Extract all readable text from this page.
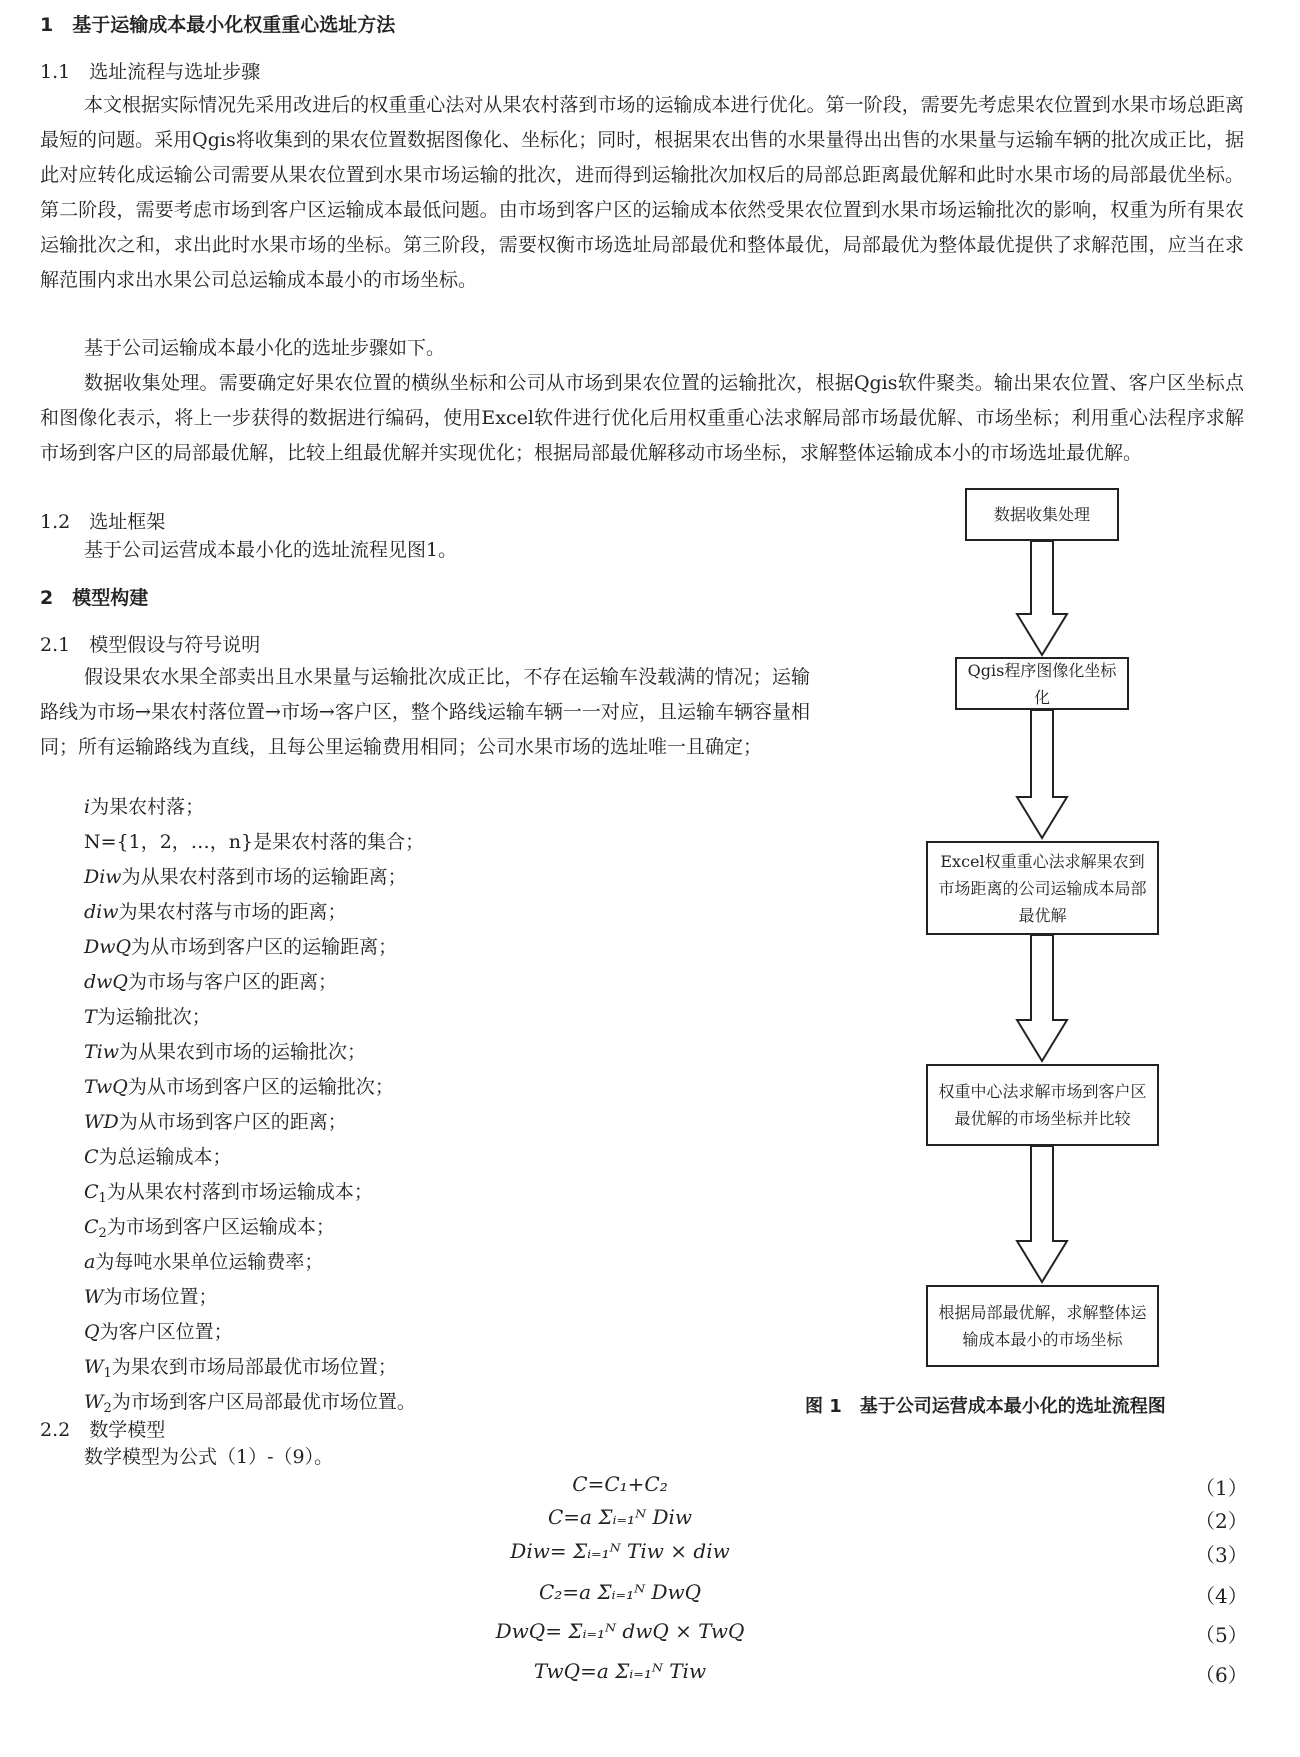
1　基于运输成本最小化权重重心选址方法
1.1　选址流程与选址步骤

本文根据实际情况先采用改进后的权重重心法对从果农村落到市场的运输成本进行优化。第一阶段，需要先考虑果农位置到水果市场总距离最短的问题。采用Qgis将收集到的果农位置数据图像化、坐标化；同时，根据果农出售的水果量得出出售的水果量与运输车辆的批次成正比，据此对应转化成运输公司需要从果农位置到水果市场运输的批次，进而得到运输批次加权后的局部总距离最优解和此时水果市场的局部最优坐标。第二阶段，需要考虑市场到客户区运输成本最低问题。由市场到客户区的运输成本依然受果农位置到水果市场运输批次的影响，权重为所有果农运输批次之和，求出此时水果市场的坐标。第三阶段，需要权衡市场选址局部最优和整体最优，局部最优为整体最优提供了求解范围，应当在求解范围内求出水果公司总运输成本最小的市场坐标。

基于公司运输成本最小化的选址步骤如下。

数据收集处理。需要确定好果农位置的横纵坐标和公司从市场到果农位置的运输批次，根据Qgis软件聚类。输出果农位置、客户区坐标点和图像化表示，将上一步获得的数据进行编码，使用Excel软件进行优化后用权重重心法求解局部市场最优解、市场坐标；利用重心法程序求解市场到客户区的局部最优解，比较上组最优解并实现优化；根据局部最优解移动市场坐标，求解整体运输成本小的市场选址最优解。

1.2　选址框架

基于公司运营成本最小化的选址流程见图1。

2　模型构建
2.1　模型假设与符号说明

假设果农水果全部卖出且水果量与运输批次成正比，不存在运输车没载满的情况；运输路线为市场→果农村落位置→市场→客户区，整个路线运输车辆一一对应，且运输车辆容量相同；所有运输路线为直线，且每公里运输费用相同；公司水果市场的选址唯一且确定；

i为果农村落；
N={1，2，…，n}是果农村落的集合；
Diw为从果农村落到市场的运输距离；
diw为果农村落与市场的距离；
DwQ为从市场到客户区的运输距离；
dwQ为市场与客户区的距离；
T为运输批次；
Tiw为从果农到市场的运输批次；
TwQ为从市场到客户区的运输批次；
WD为从市场到客户区的距离；
C为总运输成本；
$C_1$为从果农村落到市场运输成本；
$C_2$为市场到客户区运输成本；
a为每吨水果单位运输费率；
W为市场位置；
Q为客户区位置；
$W_1$为果农到市场局部最优市场位置；
$W_2$为市场到客户区局部最优市场位置。
2.2　数学模型

数学模型为公式（1）-（9）。

C=C₁+C₂	（1）
C=a Σᵢ₌₁ᴺ Diw	（2）
Diw= Σᵢ₌₁ᴺ Tiw × diw	（3）
C₂=a Σᵢ₌₁ᴺ DwQ	（4）
DwQ= Σᵢ₌₁ᴺ dwQ × TwQ	（5）
TwQ=a Σᵢ₌₁ᴺ Tiw	（6）
数据收集处理
Qgis程序图像化坐标化
Excel权重重心法求解果农到市场距离的公司运输成本局部最优解
权重中心法求解市场到客户区最优解的市场坐标并比较
根据局部最优解，求解整体运输成本最小的市场坐标
图 1　基于公司运营成本最小化的选址流程图
